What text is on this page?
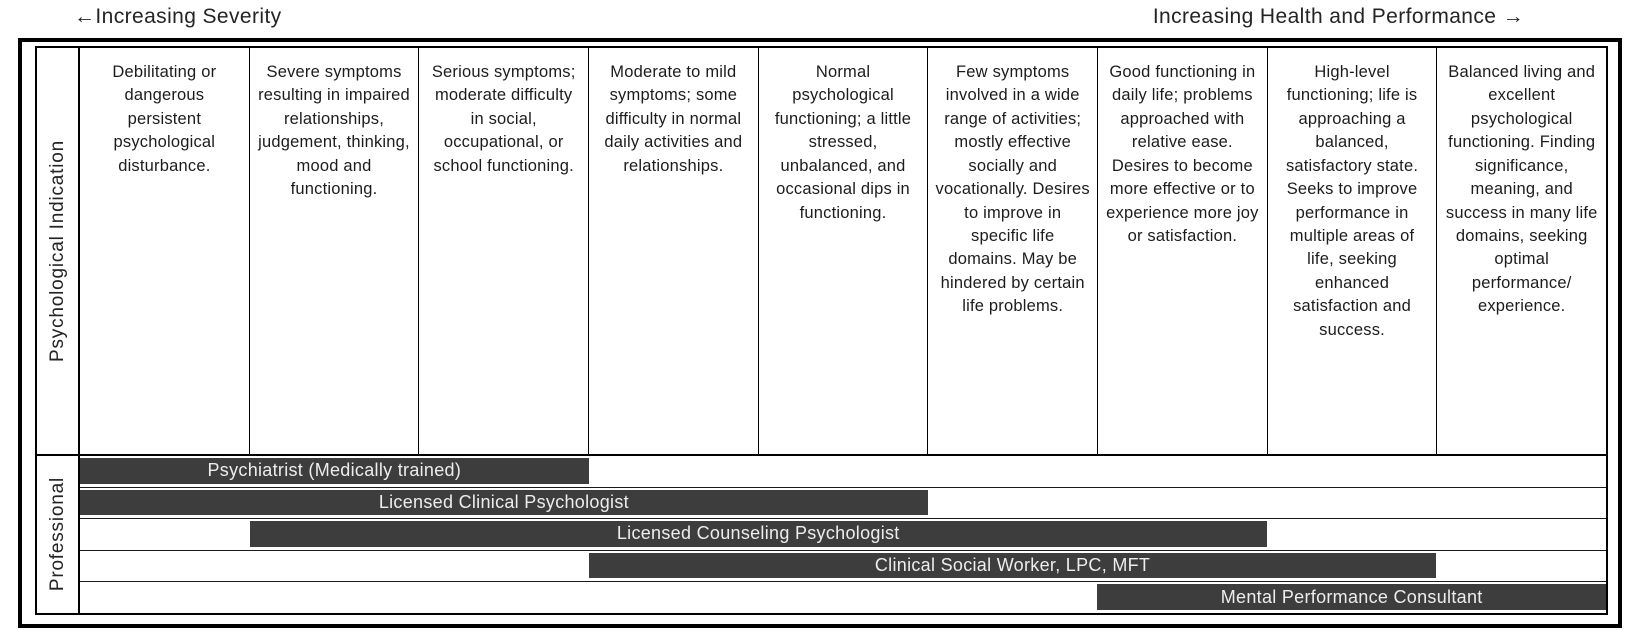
←Increasing Severity	Increasing Health and Performance →
Psychological Indication
Debilitating or dangerous persistent psychological disturbance.
Severe symptoms resulting in impaired relationships, judgement, thinking, mood and functioning.
Serious symptoms; moderate difficulty in social, occupational, or school functioning.
Moderate to mild symptoms; some difficulty in normal daily activities and relationships.
Normal psychological functioning; a little stressed, unbalanced, and occasional dips in functioning.
Few symptoms involved in a wide range of activities; mostly effective socially and vocationally. Desires to improve in specific life domains. May be hindered by certain life problems.
Good functioning in daily life; problems approached with relative ease. Desires to become more effective or to experience more joy or satisfaction.
High-level functioning; life is approaching a balanced, satisfactory state. Seeks to improve performance in multiple areas of life, seeking enhanced satisfaction and success.
Balanced living and excellent psychological functioning. Finding significance, meaning, and success in many life domains, seeking optimal performance/ experience.
Professional
Psychiatrist (Medically trained)
Licensed Clinical Psychologist
Licensed Counseling Psychologist
Clinical Social Worker, LPC, MFT
Mental Performance Consultant
